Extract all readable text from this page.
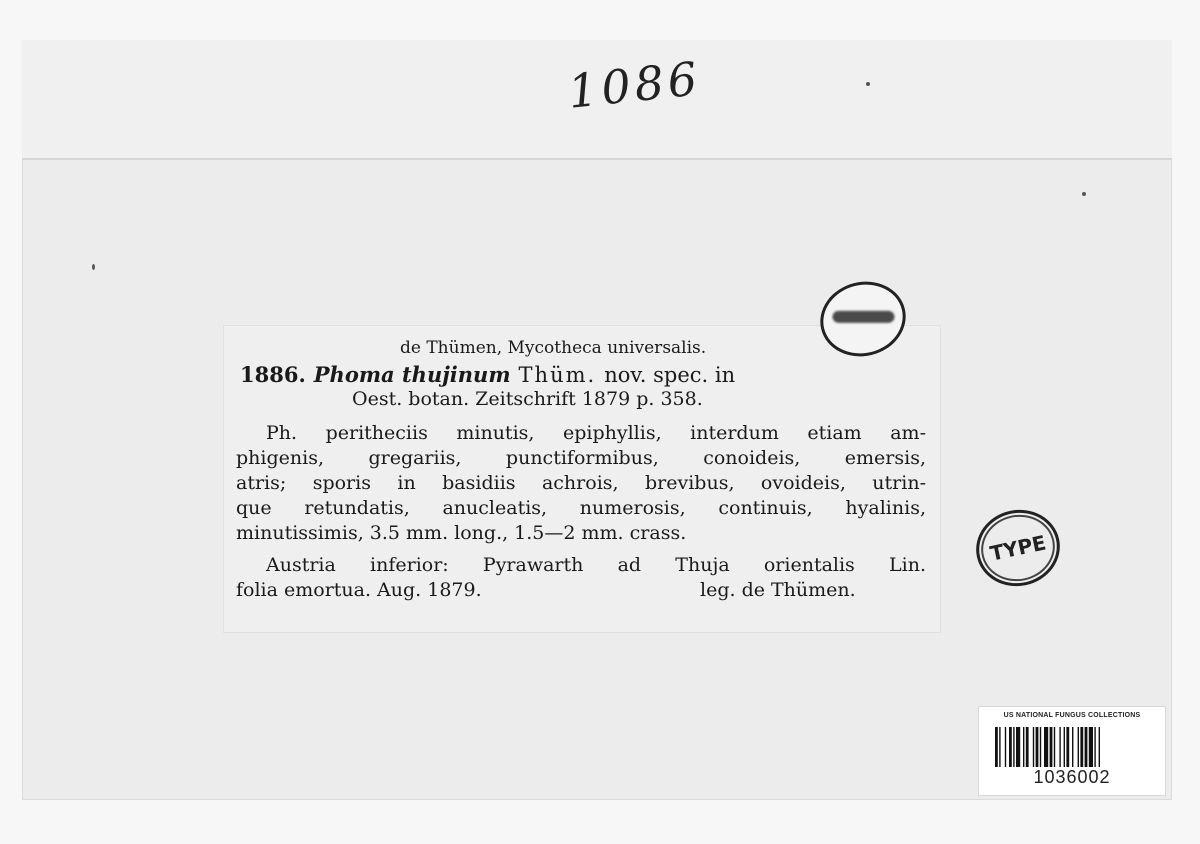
1086
de Thümen, Mycotheca universalis.
1886. Phoma thujinum Thüm. nov. spec. in
Oest. botan. Zeitschrift 1879 p. 358.
Ph. peritheciis minutis, epiphyllis, interdum etiam am-
phigenis, gregariis, punctiformibus, conoideis, emersis,
atris; sporis in basidiis achrois, brevibus, ovoideis, utrin-
que retundatis, anucleatis, numerosis, continuis, hyalinis,
minutissimis, 3.5 mm. long., 1.5—2 mm. crass.
Austria inferior: Pyrawarth ad Thuja orientalis Lin.
folia emortua. Aug. 1879.	leg. de Thümen.
TYPE
US NATIONAL FUNGUS COLLECTIONS
1036002
